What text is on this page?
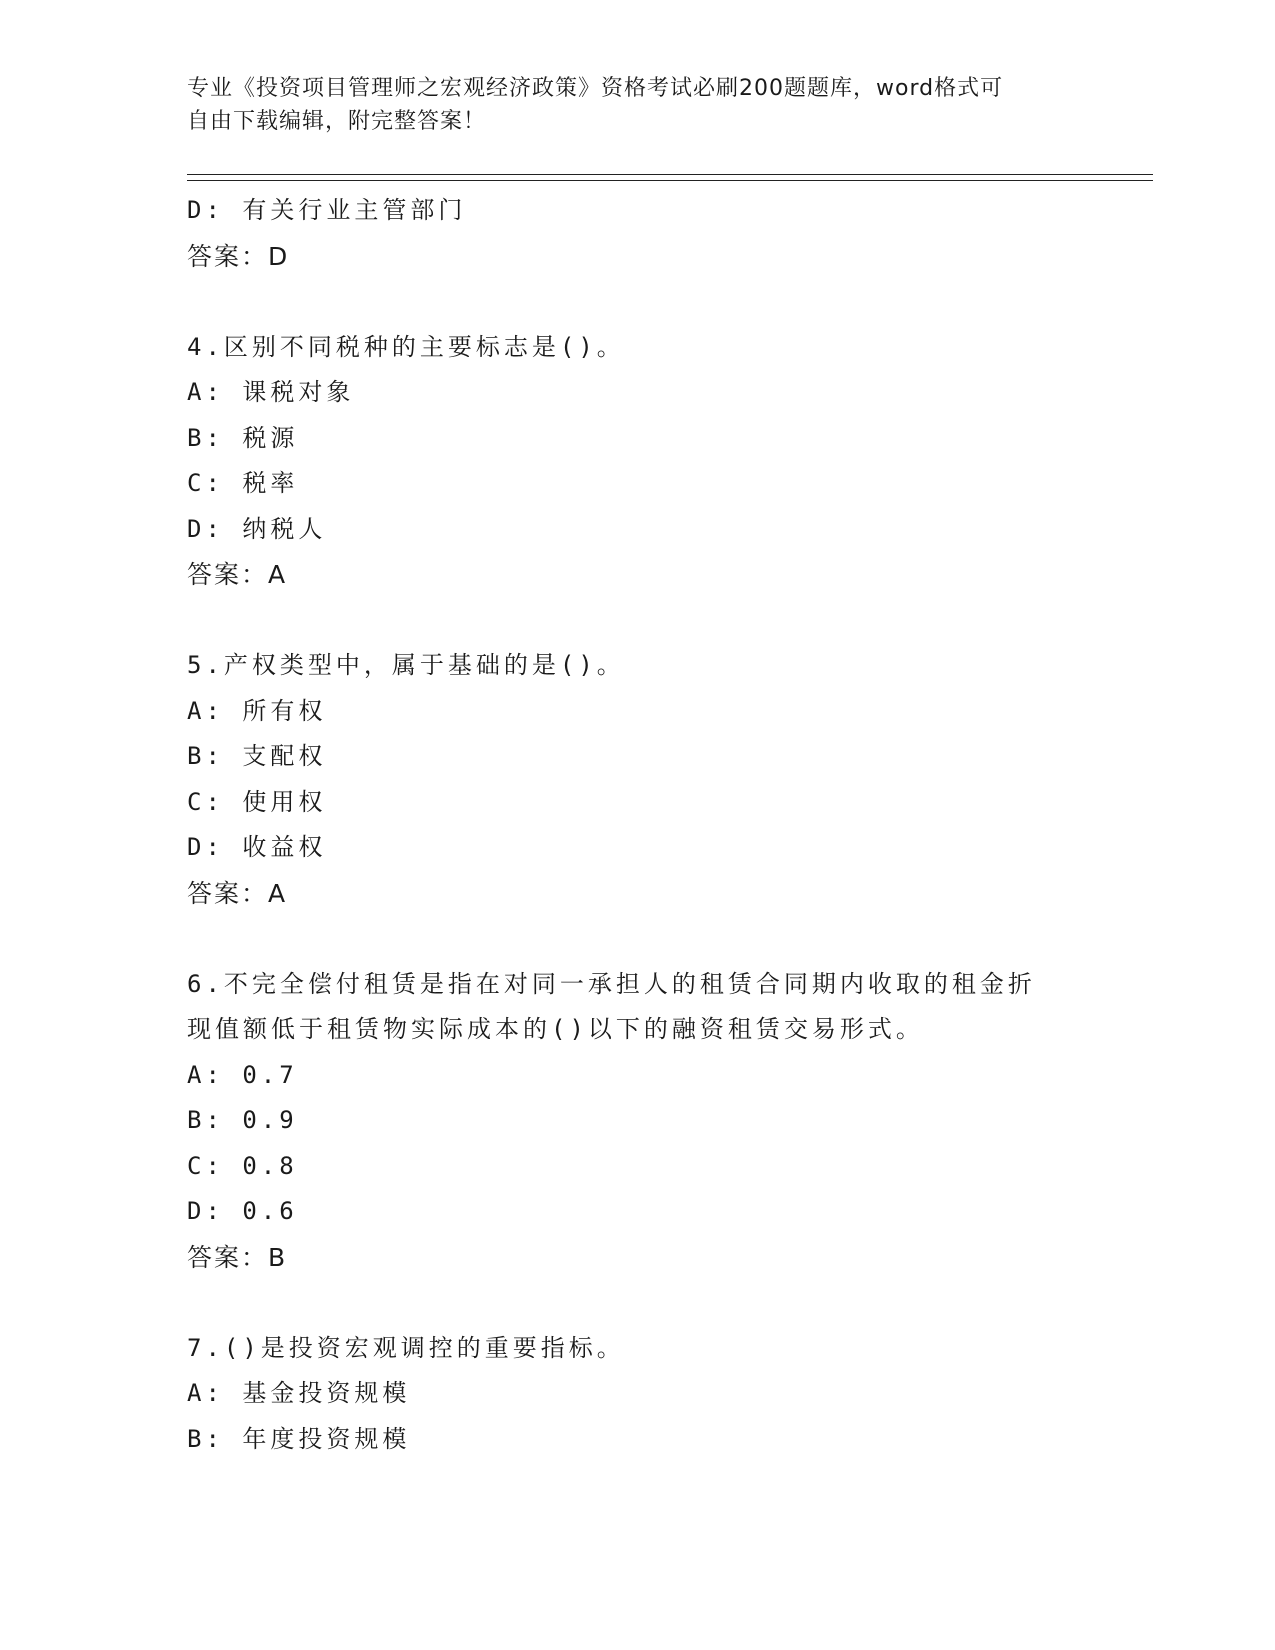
专业《投资项目管理师之宏观经济政策》资格考试必刷200题题库，word格式可
自由下载编辑，附完整答案！
D: 有关行业主管部门
答案：D
4.区别不同税种的主要标志是()。
A: 课税对象
B: 税源
C: 税率
D: 纳税人
答案：A
5.产权类型中，属于基础的是()。
A: 所有权
B: 支配权
C: 使用权
D: 收益权
答案：A
6.不完全偿付租赁是指在对同一承担人的租赁合同期内收取的租金折
现值额低于租赁物实际成本的()以下的融资租赁交易形式。
A: 0.7
B: 0.9
C: 0.8
D: 0.6
答案：B
7.()是投资宏观调控的重要指标。
A: 基金投资规模
B: 年度投资规模
